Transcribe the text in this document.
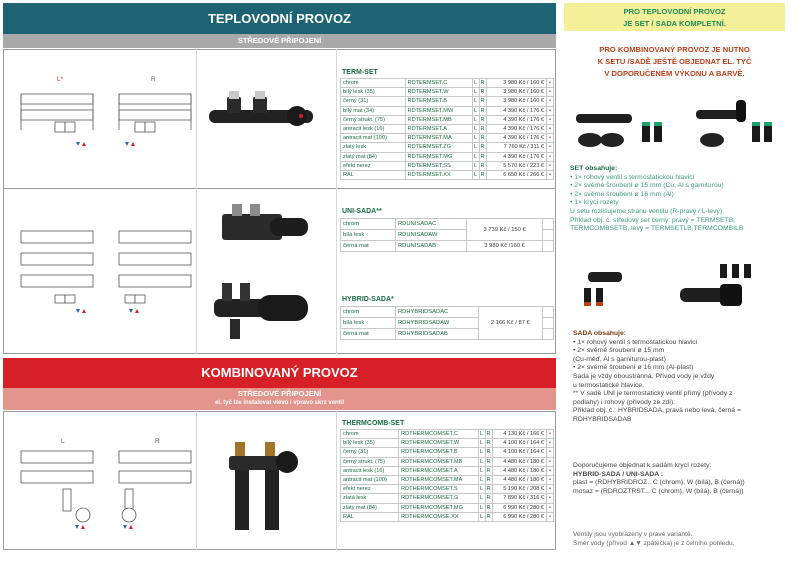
TEPLOVODNÍ PROVOZ
STŘEDOVÉ PŘIPOJENÍ
L*	R
TERM-SET
chrom	RDTERMSET.C	L	R	3 980 Kč / 160 €	•
bílý lesk (35)	RDTERMSET.W	L	R	3 980 Kč / 160 €	•
černý (31)	RDTERMSET.B	L	R	3 980 Kč / 160 €	•
bílý mat (34)	RDTERMSET.MW	L	R	4 390 Kč / 176 €	•
černý strukt. (75)	RDTERMSET.MB	L	R	4 390 Kč / 176 €	•
antracit lesk (16)	RDTERMSET.A	L	R	4 390 Kč / 176 €	•
antracit mat (100)	RDTERMSET.MA	L	R	4 390 Kč / 176 €	•
zlatý lesk	RDTERMSET.ZG	L	R	7 760 Kč / 311 €	•
zlatý mat (84)	RDTERMSET.MG	L	R	4 390 Kč / 176 €	•
efekt nerez	RDTERMSET.SS	L	R	5 570 Kč / 223 €	•
RAL	RDTERMSET.XX	L	R	6 650 Kč / 266 €	•
UNI-SADA**
chrom	RDUNISADAC	3 739 Kč / 150 €	
bílá lesk	RDUNISADAW		
černá mat	RDUNISADAB	3 980 Kč /160 €	
HYBRID-SADA*
chrom	RDHYBRIDSADAC	2 166 Kč / 87 €	
bílá lesk	RDHYBRIDSADAW		
černá mat	RDHYBRIDSADAB		
KOMBINOVANÝ PROVOZ
STŘEDOVÉ PŘIPOJENÍ
el. tyč lze instalovat vlevo i vpravo skrz ventil
L	R
THERMCOMB-SET
chrom	RDTHERMCOMSET.C	L	R	4 130 Kč / 166 €	•
bílý lesk (35)	RDTHERMCOMSET.W	L	R	4 100 Kč / 164 €	•
černý (31)	RDTHERMCOMSET.B	L	R	4 100 Kč / 164 €	•
černý strukt. (75)	RDTHERMCOMSET.MB	L	R	4 480 Kč / 180 €	•
antracit lesk (16)	RDTHERMCOMSET.A	L	R	4 480 Kč / 180 €	•
antracit mat (100)	RDTHERMCOMSET.MA	L	R	4 480 Kč / 180 €	•
efekt nerez	RDTHERMCOMSET.S	L	R	5 190 Kč / 208 €	•
zlatá lesk	RDTHERMCOMSET.G	L	R	7 890 Kč / 316 €	•
zlatý mat (84)	RDTHERMCOMSET.MG	L	R	6 990 Kč / 280 €	•
RAL	RDTHERMCOMSE.XX	L	R	6 990 Kč / 280 €	•
PRO TEPLOVODNÍ PROVOZ
JE SET / SADA KOMPLETNÍ.
PRO KOMBINOVANÝ PROVOZ JE NUTNO
K SETU /SADĚ JEŠTĚ OBJEDNAT EL. TYČ
V DOPORUČENÉM VÝKONU A BARVĚ.
SET obsahuje:
• 1× rohový ventil s termostatickou hlavicí
• 2× svěrné šroubení ø 15 mm (Cu, Al s garniturou)
• 2× svěrné šroubení ø 16 mm (Al)
• 1× krycí rozety
U setu rozlišujeme stranu ventilu (R-pravý / L-levý).
Příklad obj. č. středový set černý: pravý = TERMSETB,
TERMCOMBSETB, levý = TERMSETLB,TERMCOMBILB
SADA obsahuje:
• 1× rohový ventil s termostatickou hlavicí
• 2× svěrné šroubení ø 15 mm
(Cu-měď, Al s garniturou-plast)
• 2× svěrné šroubení ø 16 mm (Al-plast)
Sada je vždy oboustranná. Přívod vody je vždy
u termostatické hlavice.
** V sadě UNI je termostatický ventil přímý (přívody z
podlahy) i rohový (přívody ze zdi).
Příklad obj. č.: HYBRIDSADA, pravá nebo levá, černá =
RDHYBRIDSADAB
Doporučujeme objednat k sadám krycí rozety:
HYBRID-SADA / UNI-SADA :
plast = (RDHYBRIDROZ...C (chrom), W (bílá), B (černá))
mosaz = (RDROZTRST... C (chrom), W (bílá), B (černá))
Ventily jsou vyobrazeny v pravé variantě.
Směr vody (přívod ▲▼ zpátečka) je z čelního pohledu.
